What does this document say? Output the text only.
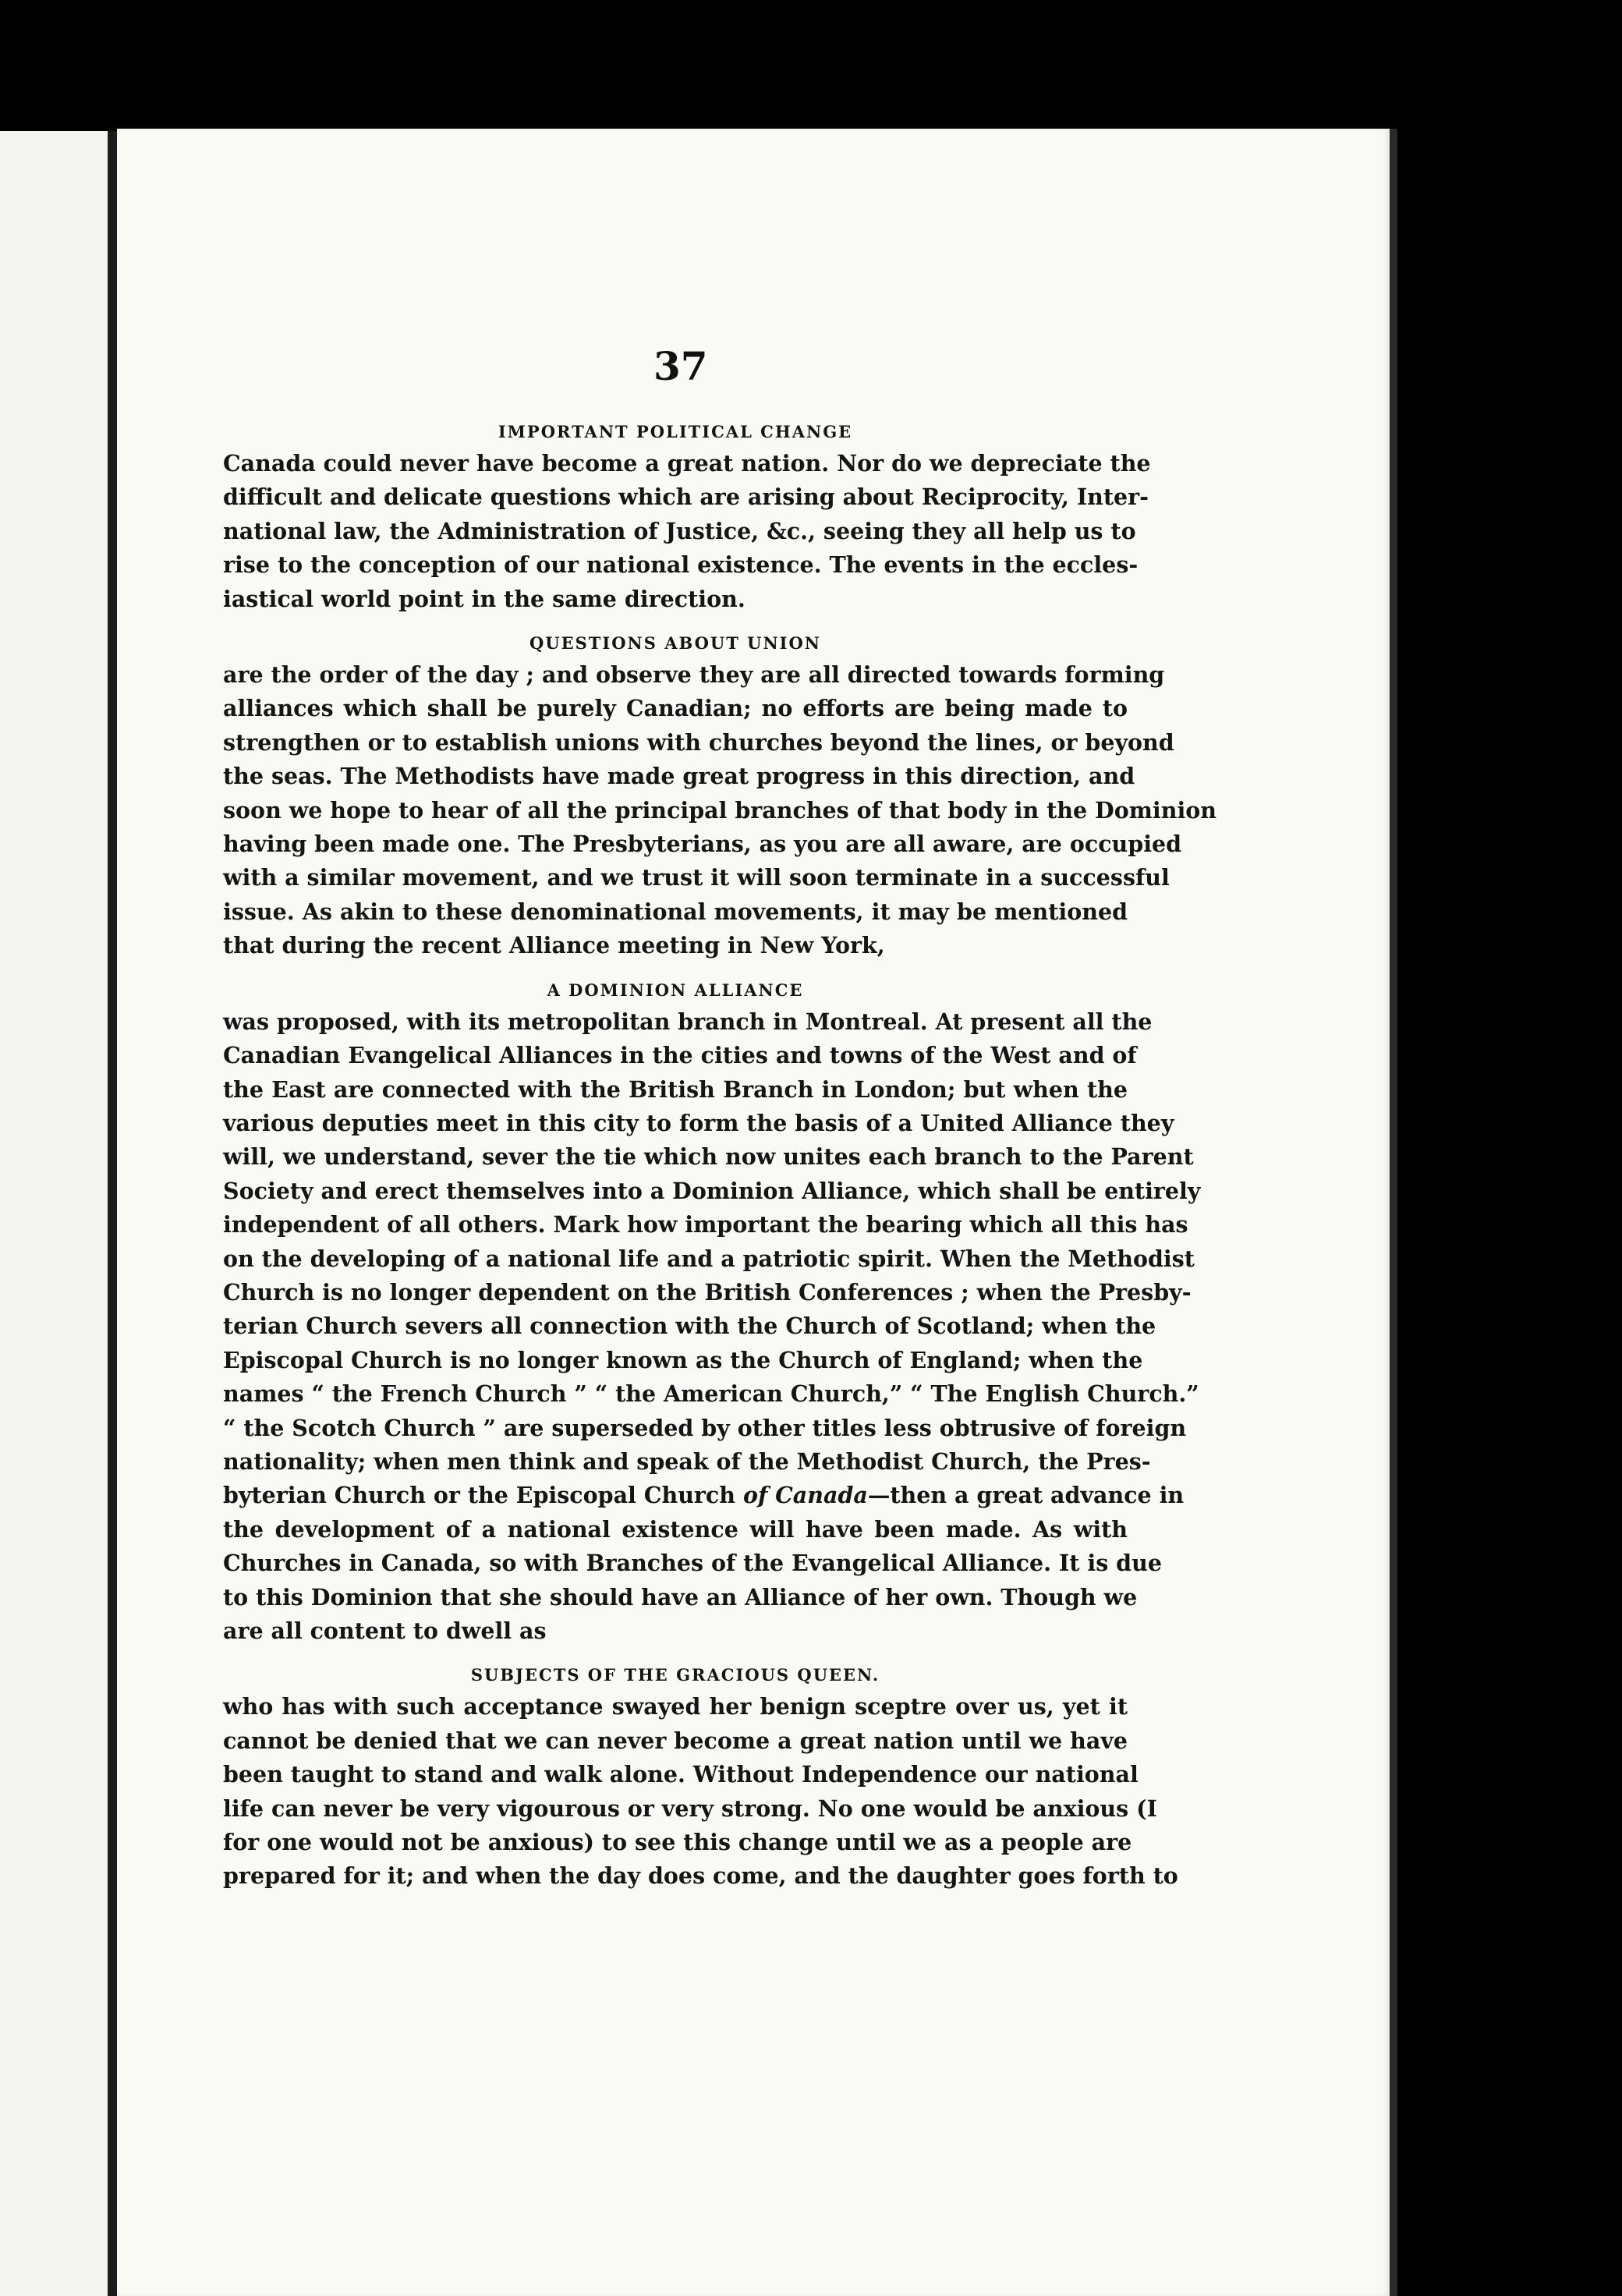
37
IMPORTANT POLITICAL CHANGE

Canada could never have become a great nation. Nor do we depreciate the
difficult and delicate questions which are arising about Reciprocity, Inter-
national law, the Administration of Justice, &c., seeing they all help us to
rise to the conception of our national existence. The events in the eccles-
iastical world point in the same direction.

QUESTIONS ABOUT UNION

are the order of the day ; and observe they are all directed towards forming
alliances which shall be purely Canadian; no efforts are being made to
strengthen or to establish unions with churches beyond the lines, or beyond
the seas. The Methodists have made great progress in this direction, and
soon we hope to hear of all the principal branches of that body in the Dominion
having been made one. The Presbyterians, as you are all aware, are occupied
with a similar movement, and we trust it will soon terminate in a successful
issue. As akin to these denominational movements, it may be mentioned
that during the recent Alliance meeting in New York,

A DOMINION ALLIANCE

was proposed, with its metropolitan branch in Montreal. At present all the
Canadian Evangelical Alliances in the cities and towns of the West and of
the East are connected with the British Branch in London; but when the
various deputies meet in this city to form the basis of a United Alliance they
will, we understand, sever the tie which now unites each branch to the Parent
Society and erect themselves into a Dominion Alliance, which shall be entirely
independent of all others. Mark how important the bearing which all this has
on the developing of a national life and a patriotic spirit. When the Methodist
Church is no longer dependent on the British Conferences ; when the Presby-
terian Church severs all connection with the Church of Scotland; when the
Episcopal Church is no longer known as the Church of England; when the
names “ the French Church ” “ the American Church,” “ The English Church.”
“ the Scotch Church ” are superseded by other titles less obtrusive of foreign
nationality; when men think and speak of the Methodist Church, the Pres-
byterian Church or the Episcopal Church of Canada—then a great advance in
the development of a national existence will have been made. As with
Churches in Canada, so with Branches of the Evangelical Alliance. It is due
to this Dominion that she should have an Alliance of her own. Though we
are all content to dwell as

SUBJECTS OF THE GRACIOUS QUEEN.

who has with such acceptance swayed her benign sceptre over us, yet it
cannot be denied that we can never become a great nation until we have
been taught to stand and walk alone. Without Independence our national
life can never be very vigourous or very strong. No one would be anxious (I
for one would not be anxious) to see this change until we as a people are
prepared for it; and when the day does come, and the daughter goes forth to
